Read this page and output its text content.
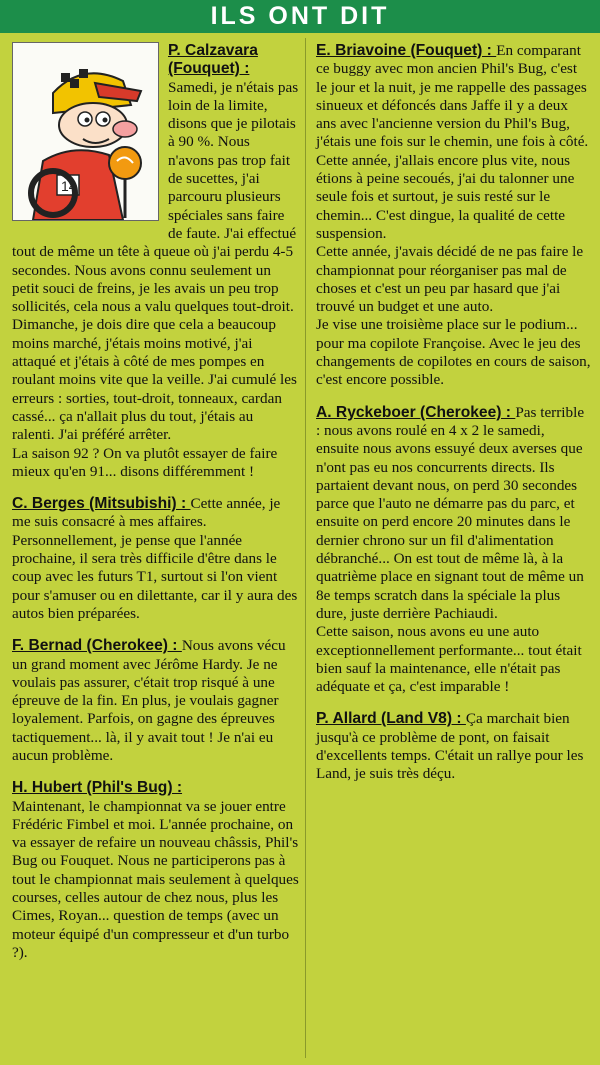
ILS ONT DIT
14
P. Calzavara (Fouquet) :
Samedi, je n'étais pas loin de la limite, disons que je pilotais à 90 %. Nous n'avons pas trop fait de sucettes, j'ai parcouru plusieurs spéciales sans faire de faute. J'ai effectué tout de même un tête à queue où j'ai perdu 4-5 secondes. Nous avons connu seulement un petit souci de freins, je les avais un peu trop sollicités, cela nous a valu quelques tout-droit.
Dimanche, je dois dire que cela a beaucoup moins marché, j'étais moins motivé, j'ai attaqué et j'étais à côté de mes pompes en roulant moins vite que la veille. J'ai cumulé les erreurs : sorties, tout-droit, tonneaux, cardan cassé... ça n'allait plus du tout, j'étais au ralenti. J'ai préféré arrêter.
La saison 92 ? On va plutôt essayer de faire mieux qu'en 91... disons différemment !
C. Berges (Mitsubishi) : Cette année, je me suis consacré à mes affaires. Personnellement, je pense que l'année prochaine, il sera très difficile d'être dans le coup avec les futurs T1, surtout si l'on vient pour s'amuser ou en dilettante, car il y aura des autos bien préparées.
F. Bernad (Cherokee) : Nous avons vécu un grand moment avec Jérôme Hardy. Je ne voulais pas assurer, c'était trop risqué à une épreuve de la fin. En plus, je voulais gagner loyalement. Parfois, on gagne des épreuves tactiquement... là, il y avait tout ! Je n'ai eu aucun problème.
H. Hubert (Phil's Bug) :
Maintenant, le championnat va se jouer entre Frédéric Fimbel et moi. L'année prochaine, on va essayer de refaire un nouveau châssis, Phil's Bug ou Fouquet. Nous ne participerons pas à tout le championnat mais seulement à quelques courses, celles autour de chez nous, plus les Cimes, Royan... question de temps (avec un moteur équipé d'un compresseur et d'un turbo ?).
E. Briavoine (Fouquet) : En comparant ce buggy avec mon ancien Phil's Bug, c'est le jour et la nuit, je me rappelle des passages sinueux et défoncés dans Jaffe il y a deux ans avec l'ancienne version du Phil's Bug, j'étais une fois sur le chemin, une fois à côté. Cette année, j'allais encore plus vite, nous étions à peine secoués, j'ai du talonner une seule fois et surtout, je suis resté sur le chemin... C'est dingue, la qualité de cette suspension.
Cette année, j'avais décidé de ne pas faire le championnat pour réorganiser pas mal de choses et c'est un peu par hasard que j'ai trouvé un budget et une auto.
Je vise une troisième place sur le podium... pour ma copilote Françoise. Avec le jeu des changements de copilotes en cours de saison, c'est encore possible.
A. Ryckeboer (Cherokee) : Pas terrible : nous avons roulé en 4 x 2 le samedi, ensuite nous avons essuyé deux averses que n'ont pas eu nos concurrents directs. Ils partaient devant nous, on perd 30 secondes parce que l'auto ne démarre pas du parc, et ensuite on perd encore 20 minutes dans le dernier chrono sur un fil d'alimentation débranché... On est tout de même là, à la quatrième place en signant tout de même un 8e temps scratch dans la spéciale la plus dure, juste derrière Pachiaudi.
Cette saison, nous avons eu une auto exceptionnellement performante... tout était bien sauf la maintenance, elle n'était pas adéquate et ça, c'est imparable !
P. Allard (Land V8) : Ça marchait bien jusqu'à ce problème de pont, on faisait d'excellents temps. C'était un rallye pour les Land, je suis très déçu.
